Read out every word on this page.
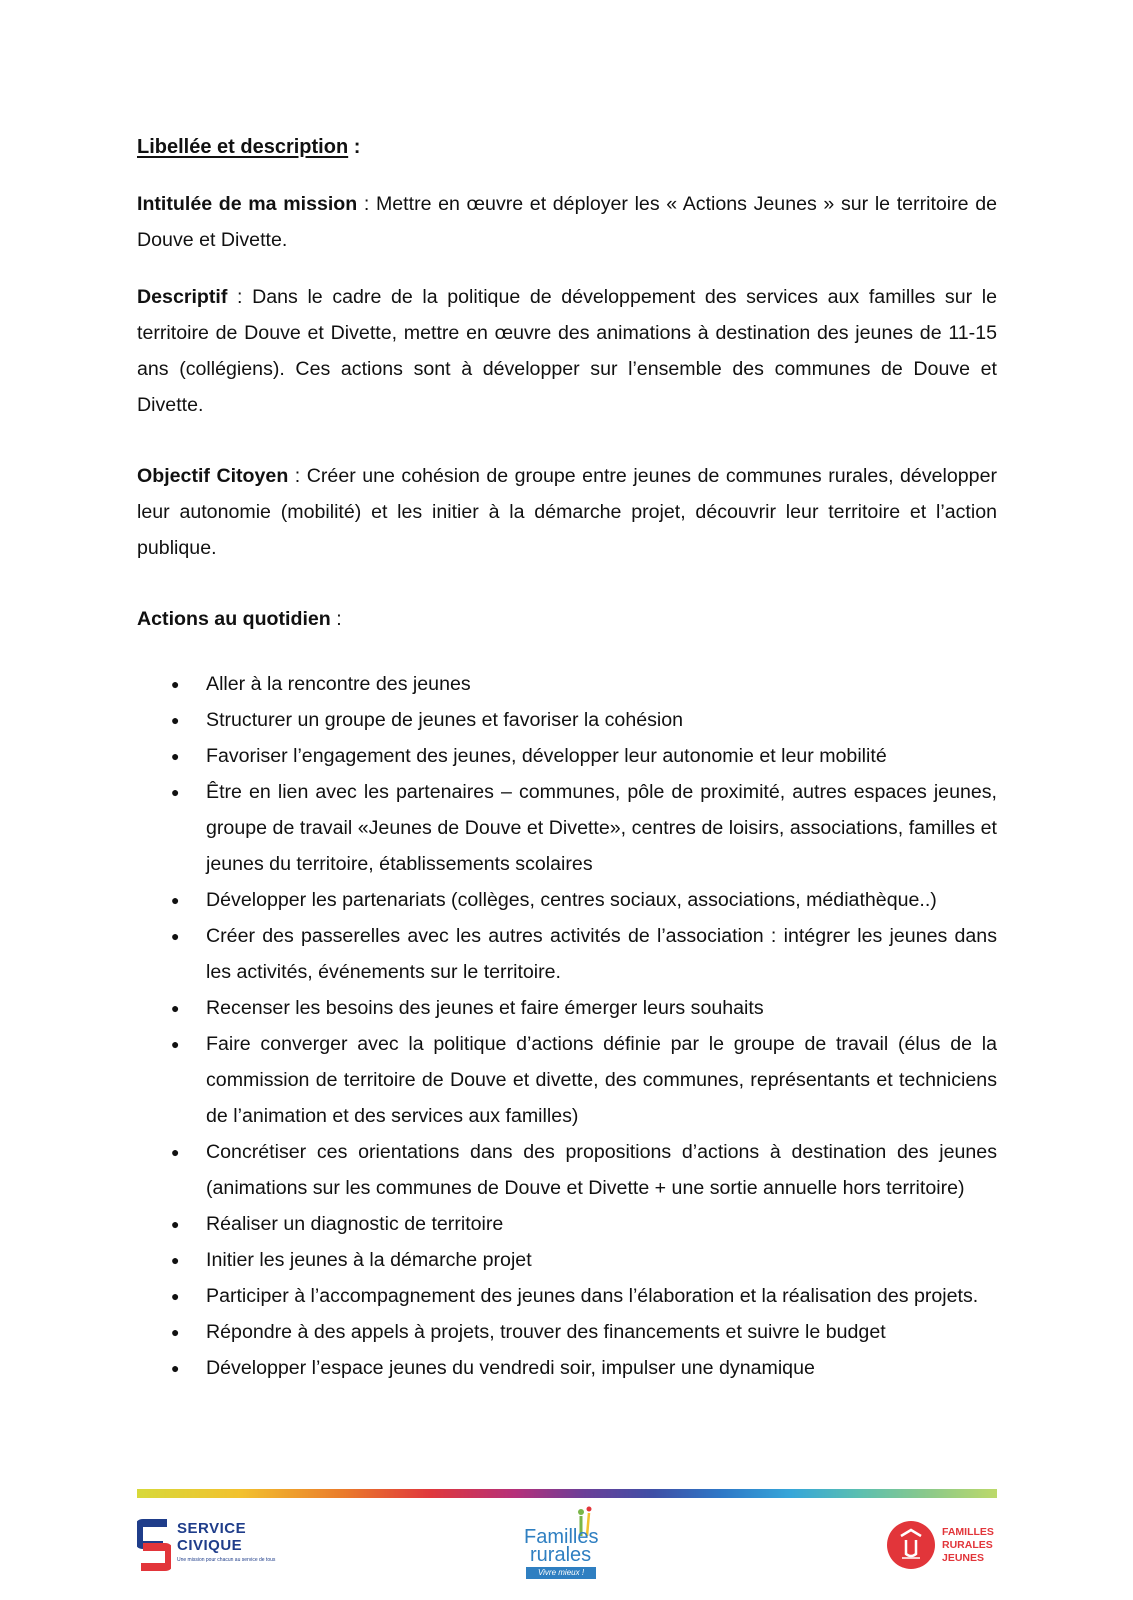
Libellée et description :

Intitulée de ma mission : Mettre en œuvre et déployer les « Actions Jeunes » sur le territoire de Douve et Divette.

Descriptif : Dans le cadre de la politique de développement des services aux familles sur le territoire de Douve et Divette, mettre en œuvre des animations à destination des jeunes de 11-15 ans (collégiens). Ces actions sont à développer sur l’ensemble des communes de Douve et Divette.

Objectif Citoyen : Créer une cohésion de groupe entre jeunes de communes rurales, développer leur autonomie (mobilité) et les initier à la démarche projet, découvrir leur territoire et l’action publique.

Actions au quotidien :

● Aller à la rencontre des jeunes
● Structurer un groupe de jeunes et favoriser la cohésion
● Favoriser l’engagement des jeunes, développer leur autonomie et leur mobilité
● Être en lien avec les partenaires – communes, pôle de proximité, autres espaces jeunes, groupe de travail «Jeunes de Douve et Divette», centres de loisirs, associations, familles et jeunes du territoire, établissements scolaires
● Développer les partenariats (collèges, centres sociaux, associations, médiathèque..)
● Créer des passerelles avec les autres activités de l’association : intégrer les jeunes dans les activités, événements sur le territoire.
● Recenser les besoins des jeunes et faire émerger leurs souhaits
● Faire converger avec la politique d’actions définie par le groupe de travail (élus de la commission de territoire de Douve et divette, des communes, représentants et techniciens de l’animation et des services aux familles)
● Concrétiser ces orientations dans des propositions d’actions à destination des jeunes (animations sur les communes de Douve et Divette + une sortie annuelle hors territoire)
● Réaliser un diagnostic de territoire
● Initier les jeunes à la démarche projet
● Participer à l’accompagnement des jeunes dans l’élaboration et la réalisation des projets.
● Répondre à des appels à projets, trouver des financements et suivre le budget
● Développer l’espace jeunes du vendredi soir, impulser une dynamique
SERVICE
CIVIQUE
Une mission pour chacun au service de tous
Familles
rurales
Vivre mieux !
FAMILLES
RURALES
JEUNES
